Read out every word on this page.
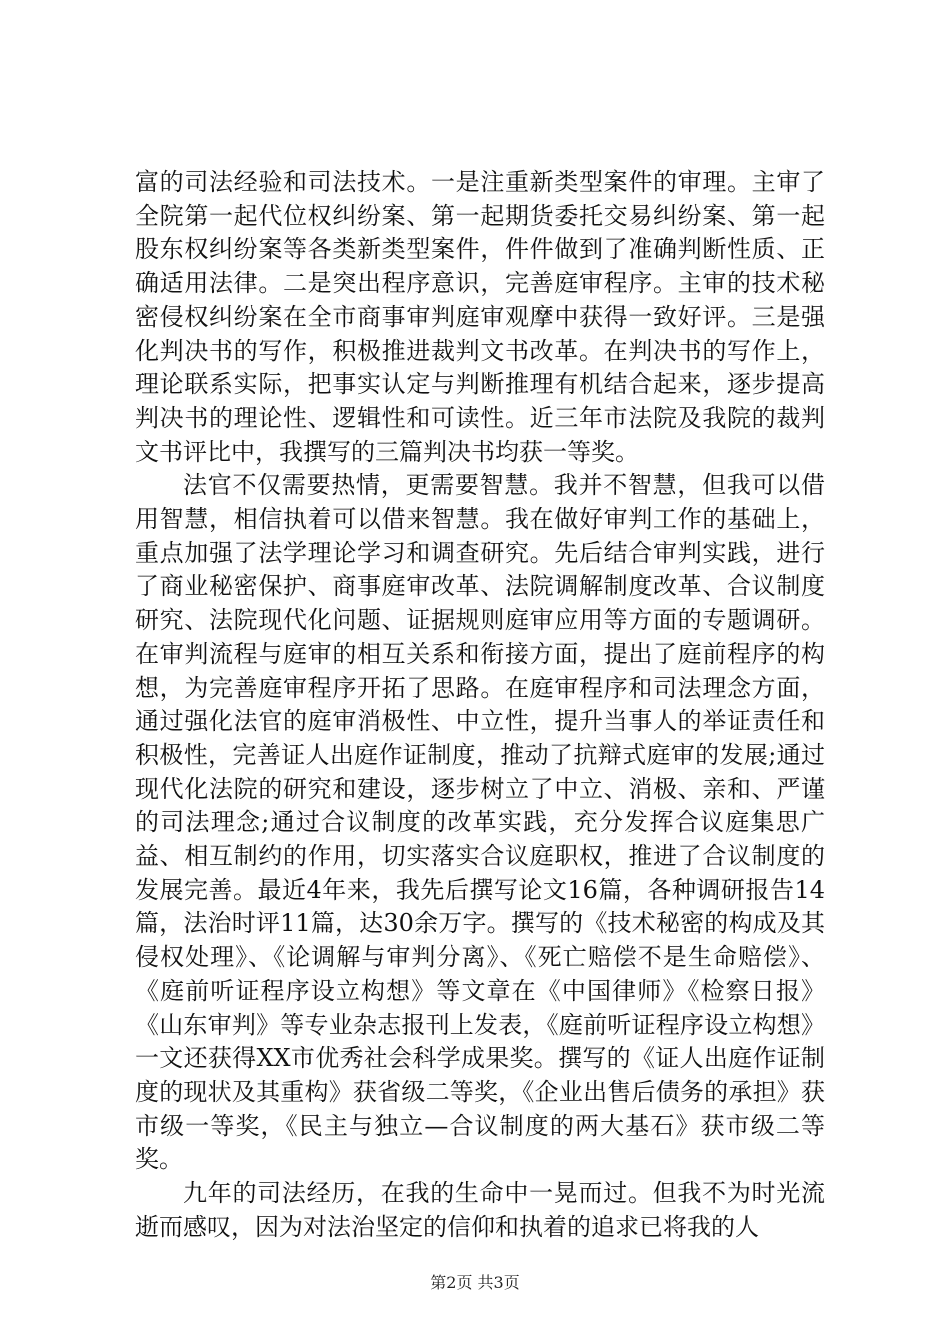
富的司法经验和司法技术。一是注重新类型案件的审理。主审了全院第一起代位权纠纷案、第一起期货委托交易纠纷案、第一起股东权纠纷案等各类新类型案件，件件做到了准确判断性质、正确适用法律。二是突出程序意识，完善庭审程序。主审的技术秘密侵权纠纷案在全市商事审判庭审观摩中获得一致好评。三是强化判决书的写作，积极推进裁判文书改革。在判决书的写作上，理论联系实际，把事实认定与判断推理有机结合起来，逐步提高判决书的理论性、逻辑性和可读性。近三年市法院及我院的裁判文书评比中，我撰写的三篇判决书均获一等奖。

法官不仅需要热情，更需要智慧。我并不智慧，但我可以借用智慧，相信执着可以借来智慧。我在做好审判工作的基础上，重点加强了法学理论学习和调查研究。先后结合审判实践，进行了商业秘密保护、商事庭审改革、法院调解制度改革、合议制度研究、法院现代化问题、证据规则庭审应用等方面的专题调研。在审判流程与庭审的相互关系和衔接方面，提出了庭前程序的构想，为完善庭审程序开拓了思路。在庭审程序和司法理念方面，通过强化法官的庭审消极性、中立性，提升当事人的举证责任和积极性，完善证人出庭作证制度，推动了抗辩式庭审的发展;通过现代化法院的研究和建设，逐步树立了中立、消极、亲和、严谨的司法理念;通过合议制度的改革实践，充分发挥合议庭集思广益、相互制约的作用，切实落实合议庭职权，推进了合议制度的发展完善。最近4年来，我先后撰写论文16篇，各种调研报告14篇，法治时评11篇，达30余万字。撰写的《技术秘密的构成及其侵权处理》、《论调解与审判分离》、《死亡赔偿不是生命赔偿》、《庭前听证程序设立构想》等文章在《中国律师》《检察日报》《山东审判》等专业杂志报刊上发表，《庭前听证程序设立构想》一文还获得XX市优秀社会科学成果奖。撰写的《证人出庭作证制度的现状及其重构》获省级二等奖，《企业出售后债务的承担》获市级一等奖，《民主与独立—合议制度的两大基石》获市级二等奖。

九年的司法经历，在我的生命中一晃而过。但我不为时光流逝而感叹，因为对法治坚定的信仰和执着的追求已将我的人

第2页 共3页
